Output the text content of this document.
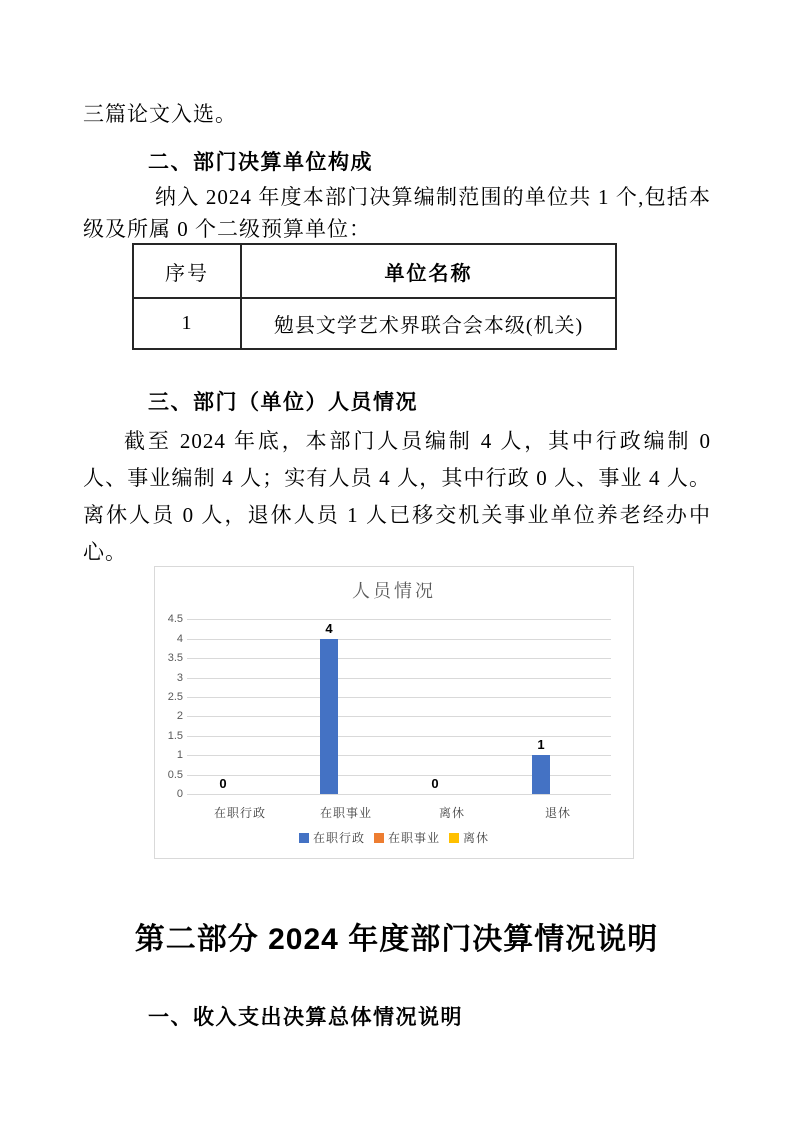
三篇论文入选。
二、部门决算单位构成
纳入 2024 年度本部门决算编制范围的单位共 1 个,包括本级及所属 0 个二级预算单位：
序号	单位名称
1	勉县文学艺术界联合会本级(机关)
三、部门（单位）人员情况
截至 2024 年底，本部门人员编制 4 人，其中行政编制 0 人、事业编制 4 人；实有人员 4 人，其中行政 0 人、事业 4 人。离休人员 0 人，退休人员 1 人已移交机关事业单位养老经办中心。
人员情况
0
0.5
1
1.5
2
2.5
3
3.5
4
4.5
在职行政
0
在职事业
4
离休
0
退休
1
在职行政 在职事业 离休
第二部分 2024 年度部门决算情况说明
一、收入支出决算总体情况说明
